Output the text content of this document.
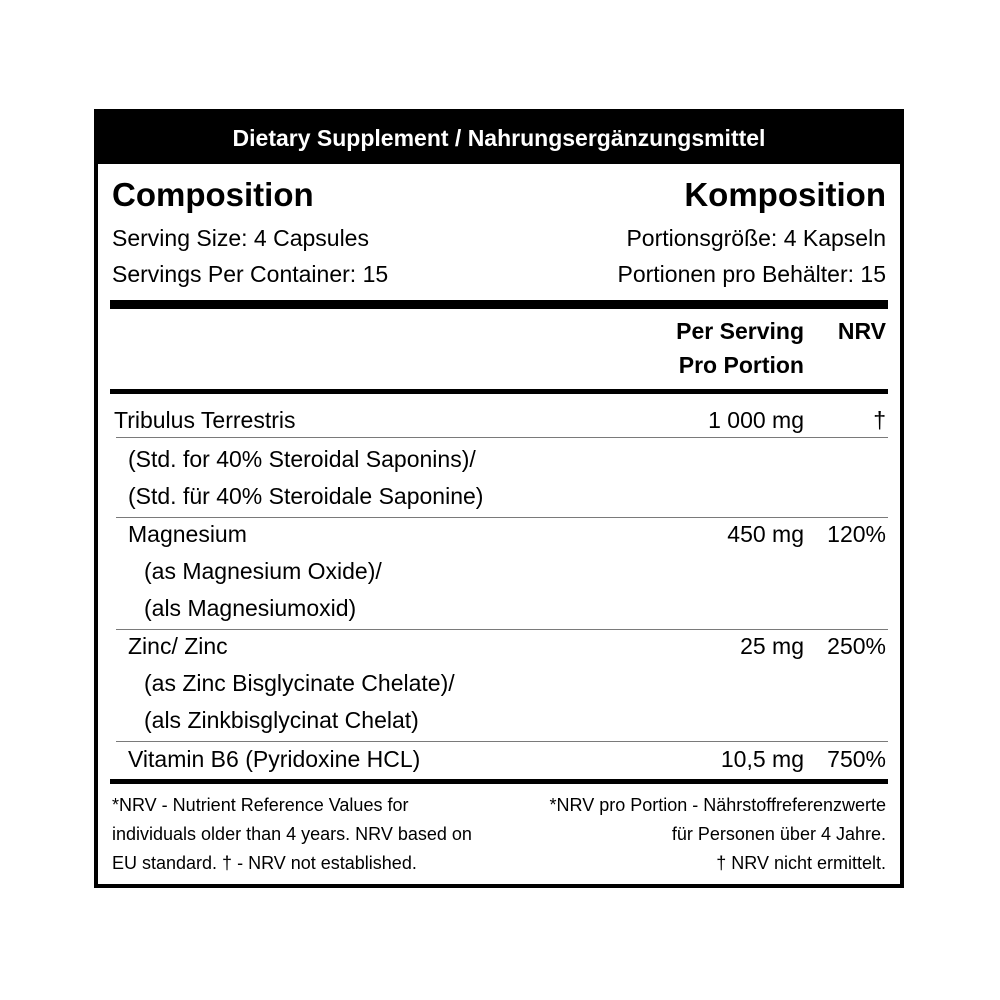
Dietary Supplement / Nahrungsergänzungsmittel
Composition	Komposition
Serving Size: 4 Capsules
Servings Per Container: 15
Portionsgröße: 4 Kapseln
Portionen pro Behälter: 15
Per Serving
Pro Portion
NRV
Tribulus Terrestris	1 000 mg	†
(Std. for 40% Steroidal Saponins)/
(Std. für 40% Steroidale Saponine)
Magnesium	450 mg 120%
(as Magnesium Oxide)/
(als Magnesiumoxid)
Zinc/ Zinc	25 mg 250%
(as Zinc Bisglycinate Chelate)/
(als Zinkbisglycinat Chelat)
Vitamin B6 (Pyridoxine HCL)	10,5 mg 750%
*NRV - Nutrient Reference Values for
individuals older than 4 years. NRV based on
EU standard. † - NRV not established.
*NRV pro Portion - Nährstoffreferenzwerte
für Personen über 4 Jahre.
† NRV nicht ermittelt.
